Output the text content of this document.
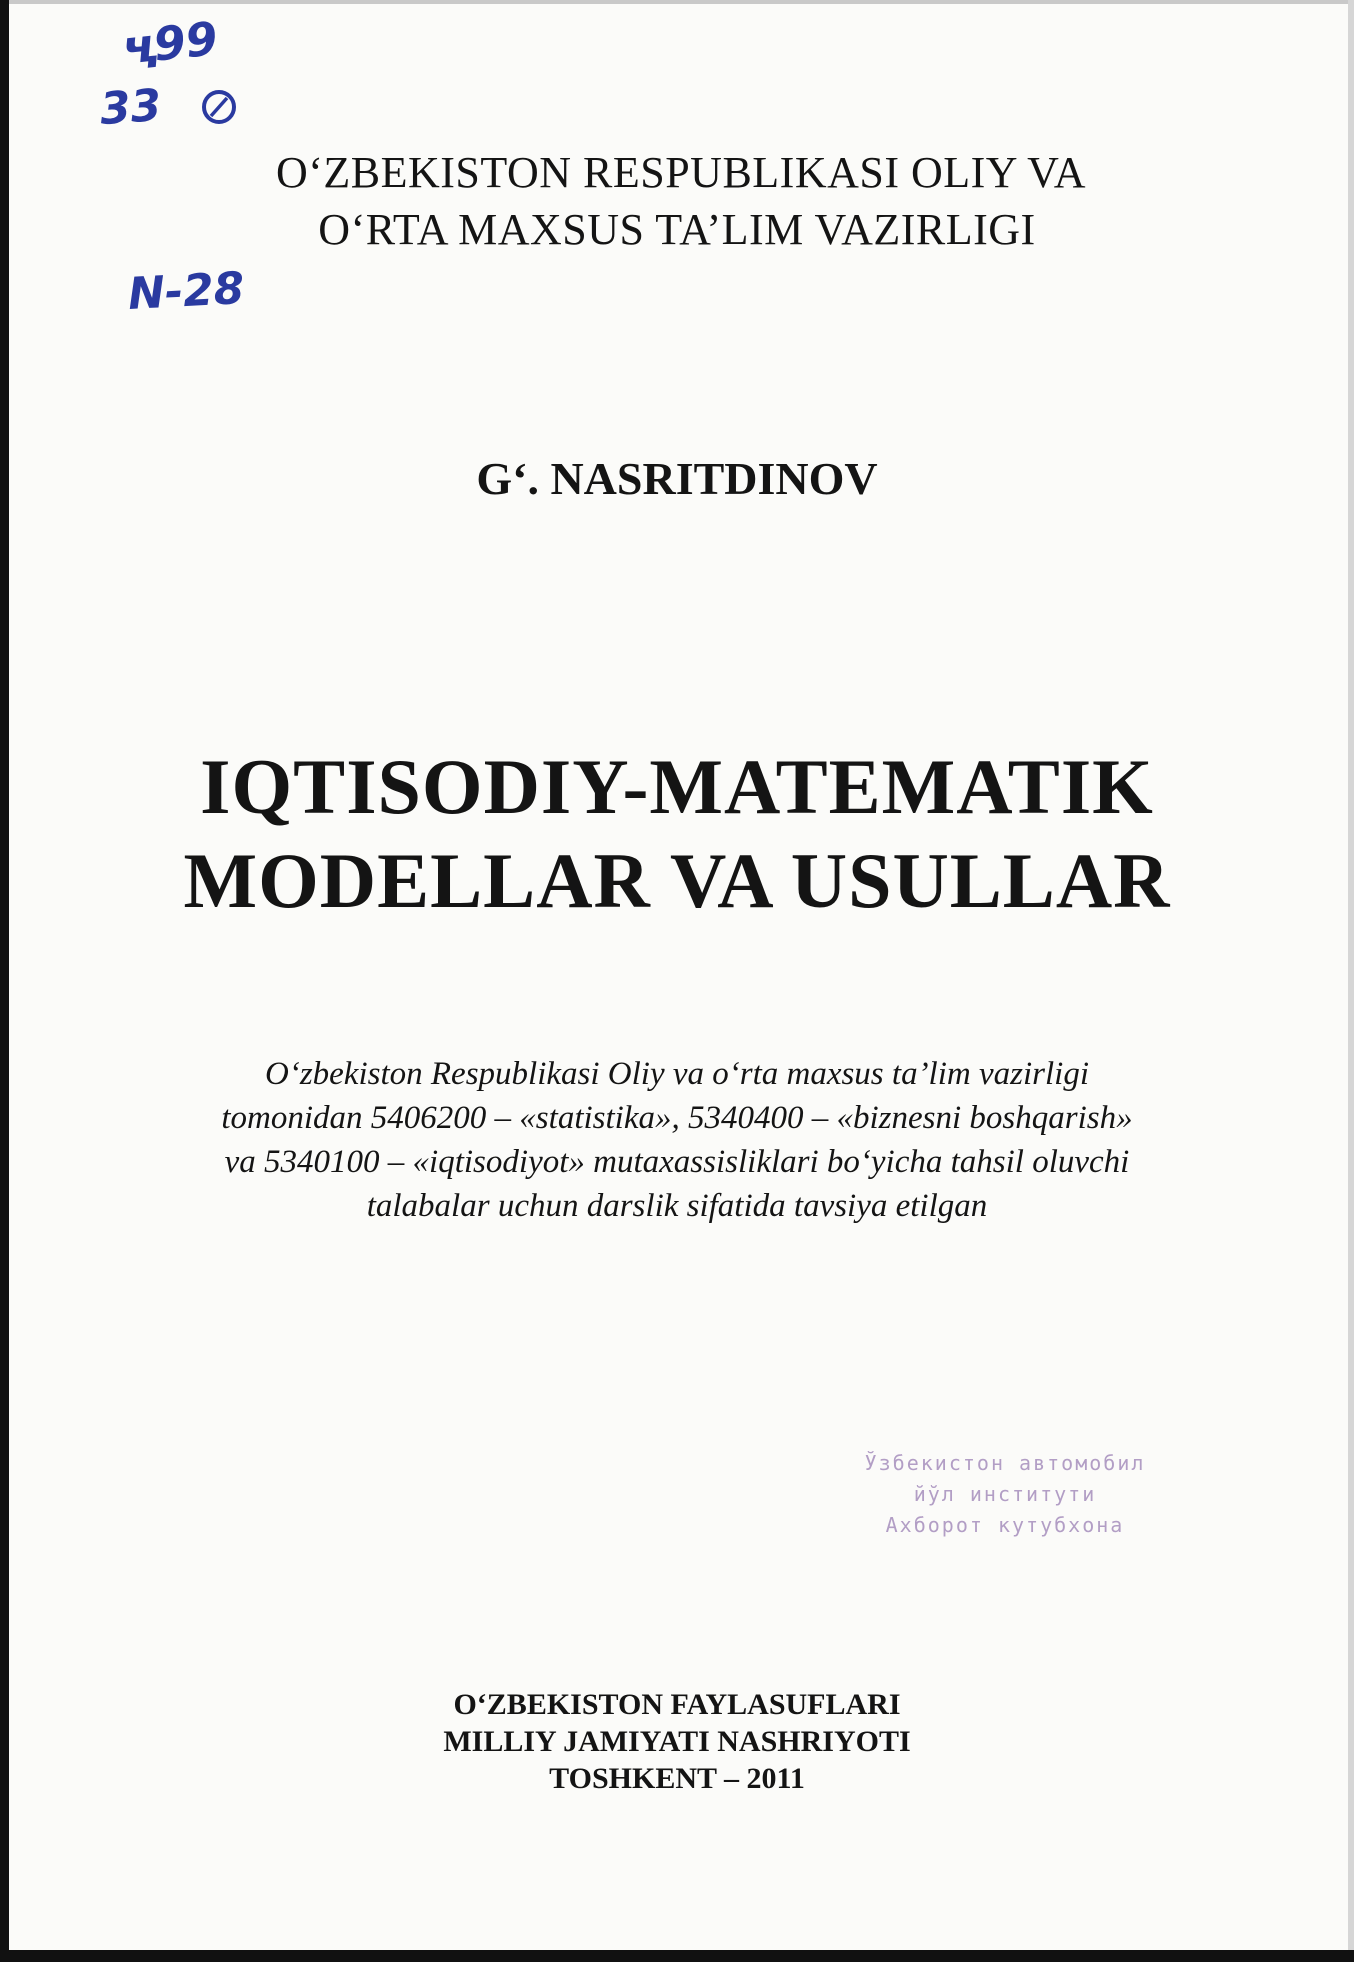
ҷ99
33
N-28
O‘ZBEKISTON RESPUBLIKASI OLIY VA
O‘RTA MAXSUS TA’LIM VAZIRLIGI
G‘. NASRITDINOV
IQTISODIY-MATEMATIK
MODELLAR VA USULLAR
O‘zbekiston Respublikasi Oliy va o‘rta maxsus ta’lim vazirligi
tomonidan 5406200 – «statistika», 5340400 – «biznesni boshqarish»
va 5340100 – «iqtisodiyot» mutaxassisliklari bo‘yicha tahsil oluvchi
talabalar uchun darslik sifatida tavsiya etilgan
Ўзбекистон автомобил
йўл институти
Ахборот кутубхона
O‘ZBEKISTON FAYLASUFLARI
MILLIY JAMIYATI NASHRIYOTI
TOSHKENT – 2011
